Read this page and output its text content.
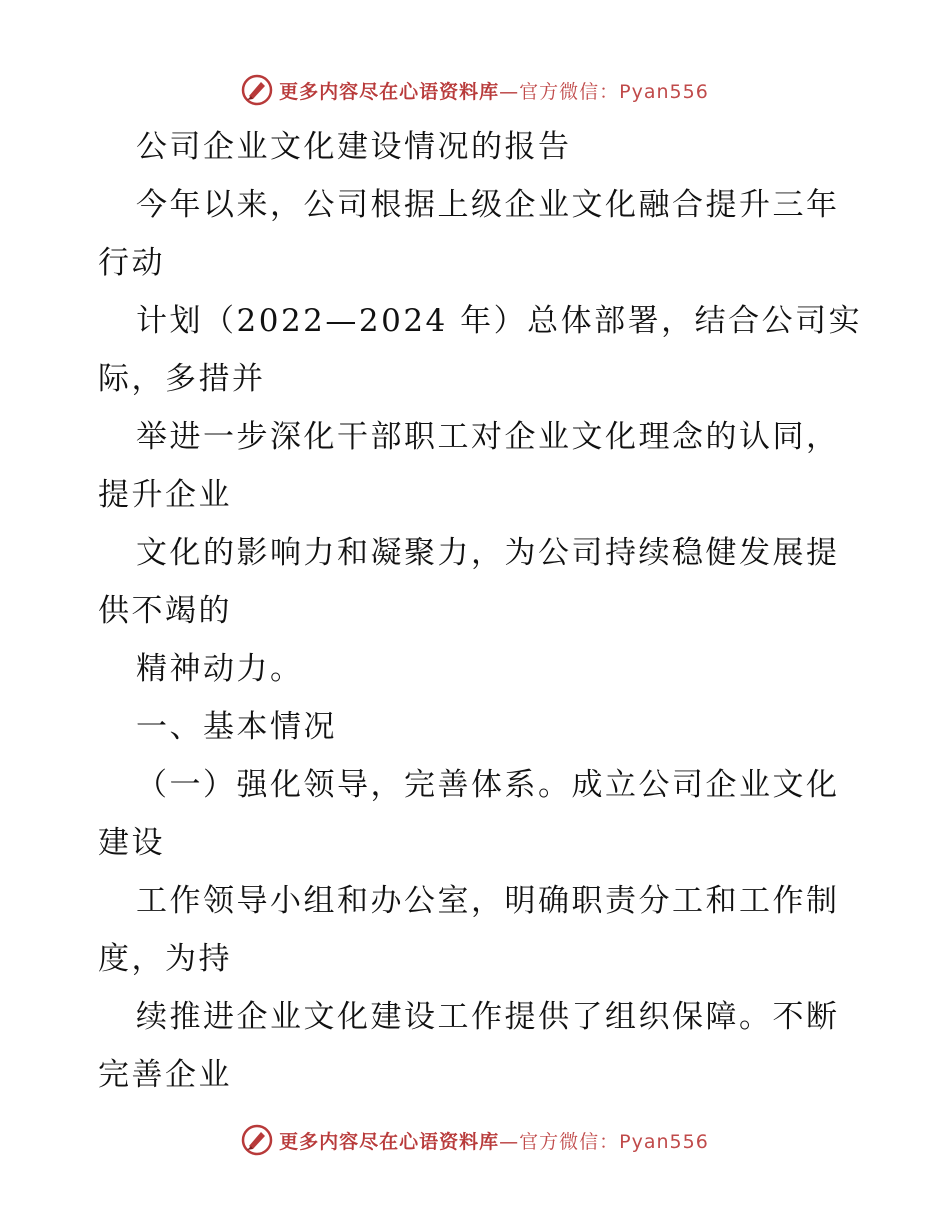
更多内容尽在心语资料库—官方微信：Pyan556
公司企业文化建设情况的报告
今年以来，公司根据上级企业文化融合提升三年
行动
计划（2022—2024 年）总体部署，结合公司实
际，多措并
举进一步深化干部职工对企业文化理念的认同，
提升企业
文化的影响力和凝聚力，为公司持续稳健发展提
供不竭的
精神动力。
一、基本情况
（一）强化领导，完善体系。成立公司企业文化
建设
工作领导小组和办公室，明确职责分工和工作制
度，为持
续推进企业文化建设工作提供了组织保障。不断
完善企业
更多内容尽在心语资料库—官方微信：Pyan556
